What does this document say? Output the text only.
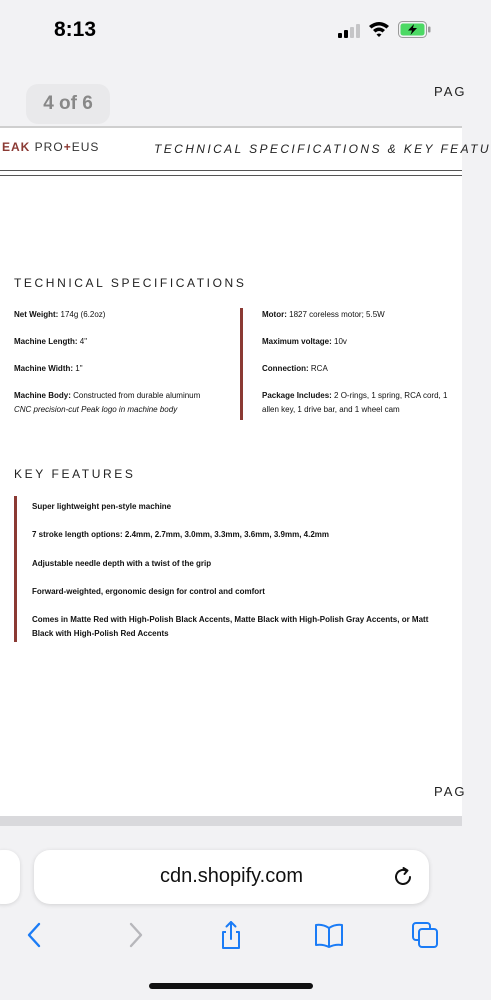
8:13
4 of 6
PAG
EAK PRO+EUS	TECHNICAL SPECIFICATIONS & KEY FEATU
TECHNICAL SPECIFICATIONS
Net Weight: 174g (6.2oz)
Machine Length: 4"
Machine Width: 1"
Machine Body: Constructed from durable aluminum
CNC precision-cut Peak logo in machine body
Motor: 1827 coreless motor; 5.5W
Maximum voltage: 10v
Connection: RCA
Package Includes: 2 O-rings, 1 spring, RCA cord, 1
allen key, 1 drive bar, and 1 wheel cam
KEY FEATURES
Super lightweight pen-style machine
7 stroke length options: 2.4mm, 2.7mm, 3.0mm, 3.3mm, 3.6mm, 3.9mm, 4.2mm
Adjustable needle depth with a twist of the grip
Forward-weighted, ergonomic design for control and comfort
Comes in Matte Red with High-Polish Black Accents, Matte Black with High-Polish Gray Accents, or Matt
Black with High-Polish Red Accents
PAG
cdn.shopify.com
